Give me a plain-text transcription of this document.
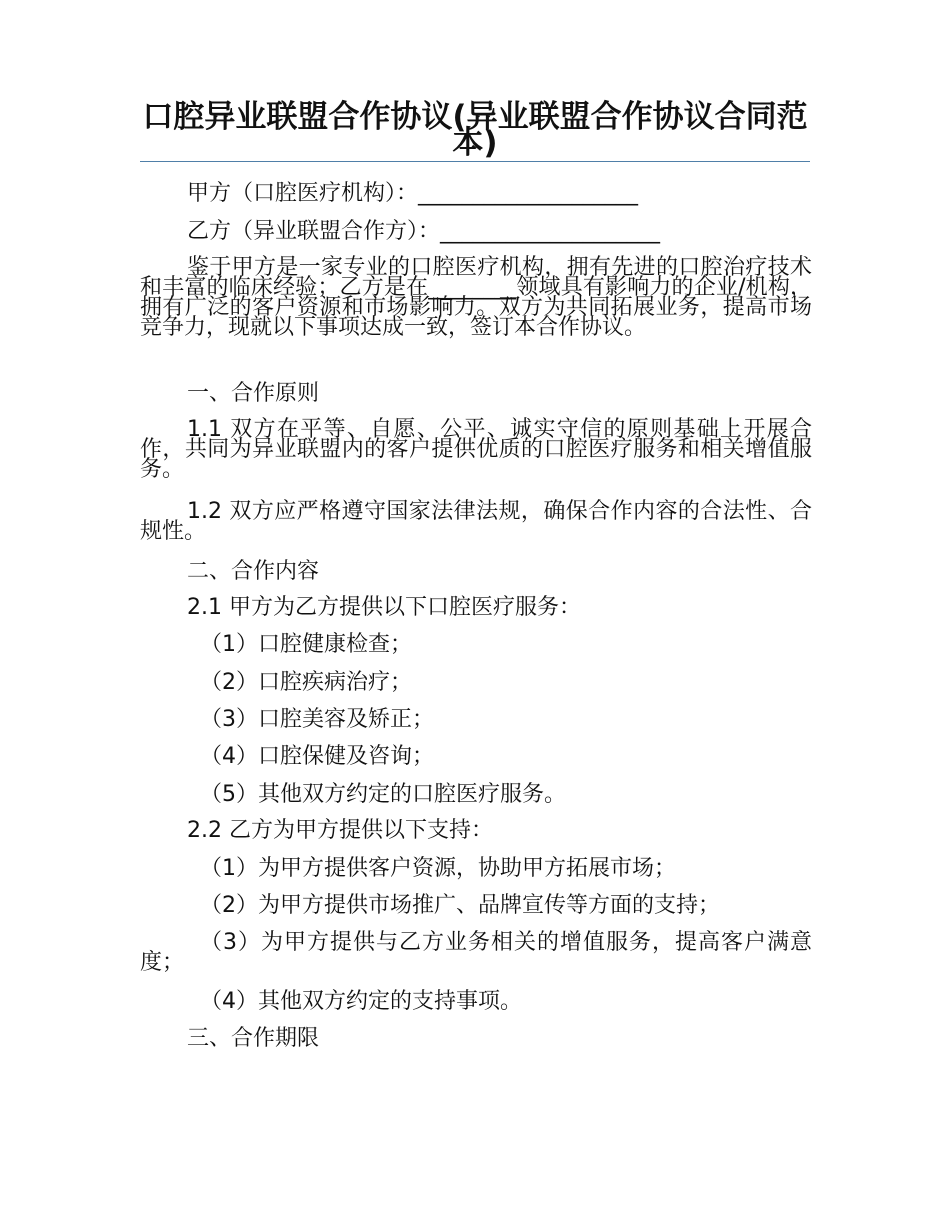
口腔异业联盟合作协议(异业联盟合作协议合同范本)

甲方（口腔医疗机构）：____________________

乙方（异业联盟合作方）：____________________

鉴于甲方是一家专业的口腔医疗机构，拥有先进的口腔治疗技术和丰富的临床经验；乙方是在________领域具有影响力的企业/机构，拥有广泛的客户资源和市场影响力。双方为共同拓展业务，提高市场竞争力，现就以下事项达成一致，签订本合作协议。

一、合作原则

1.1 双方在平等、自愿、公平、诚实守信的原则基础上开展合作，共同为异业联盟内的客户提供优质的口腔医疗服务和相关增值服务。

1.2 双方应严格遵守国家法律法规，确保合作内容的合法性、合规性。

二、合作内容

2.1 甲方为乙方提供以下口腔医疗服务：

（1）口腔健康检查；

（2）口腔疾病治疗；

（3）口腔美容及矫正；

（4）口腔保健及咨询；

（5）其他双方约定的口腔医疗服务。

2.2 乙方为甲方提供以下支持：

（1）为甲方提供客户资源，协助甲方拓展市场；

（2）为甲方提供市场推广、品牌宣传等方面的支持；

（3）为甲方提供与乙方业务相关的增值服务，提高客户满意度；

（4）其他双方约定的支持事项。

三、合作期限
